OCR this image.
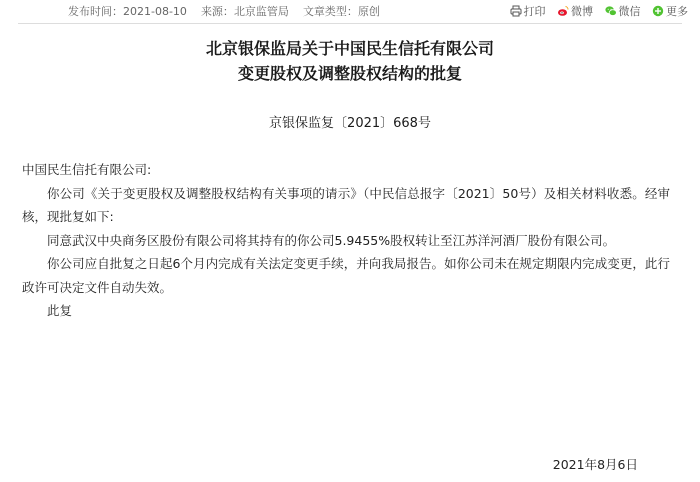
发布时间：2021-08-10 来源：北京监管局 文章类型：原创	打印 微博 微信 更多
北京银保监局关于中国民生信托有限公司
变更股权及调整股权结构的批复
京银保监复〔2021〕668号

中国民生信托有限公司:

你公司《关于变更股权及调整股权结构有关事项的请示》（中民信总报字〔2021〕50号）及相关材料收悉。经审核，现批复如下:

同意武汉中央商务区股份有限公司将其持有的你公司5.9455%股权转让至江苏洋河酒厂股份有限公司。

你公司应自批复之日起6个月内完成有关法定变更手续，并向我局报告。如你公司未在规定期限内完成变更，此行政许可决定文件自动失效。

此复

2021年8月6日
